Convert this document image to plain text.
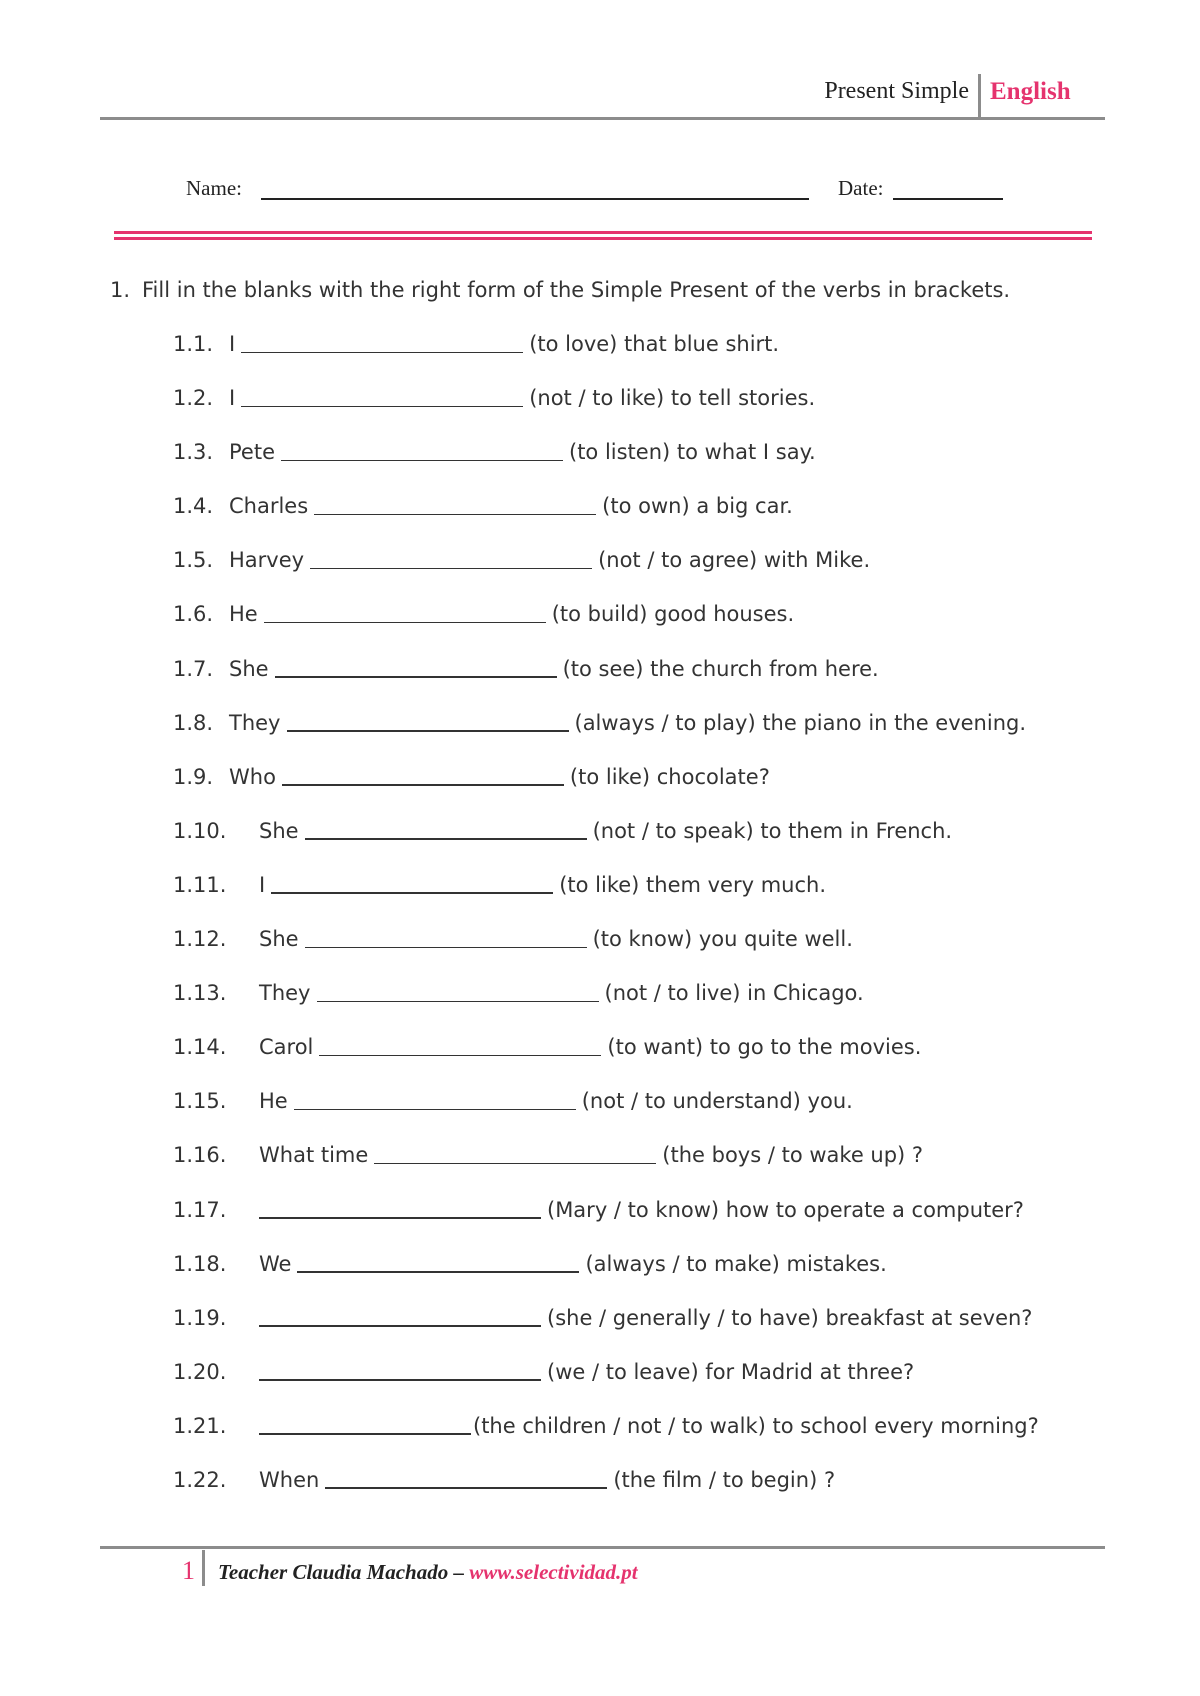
Present Simple English
Name:	Date:
1. Fill in the blanks with the right form of the Simple Present of the verbs in brackets.
1.1. I	(to love) that blue shirt.
1.2. I	(not / to like) to tell stories.
1.3. Pete	(to listen) to what I say.
1.4. Charles	(to own) a big car.
1.5. Harvey	(not / to agree) with Mike.
1.6. He	(to build) good houses.
1.7. She	(to see) the church from here.
1.8. They	(always / to play) the piano in the evening.
1.9. Who	(to like) chocolate?
1.10. She	(not / to speak) to them in French.
1.11. I	(to like) them very much.
1.12. She	(to know) you quite well.
1.13. They	(not / to live) in Chicago.
1.14. Carol	(to want) to go to the movies.
1.15. He	(not / to understand) you.
1.16. What time	(the boys / to wake up) ?
1.17.	(Mary / to know) how to operate a computer?
1.18. We	(always / to make) mistakes.
1.19.	(she / generally / to have) breakfast at seven?
1.20.	(we / to leave) for Madrid at three?
1.21.	(the children / not / to walk) to school every morning?
1.22. When	(the film / to begin) ?
1 Teacher Claudia Machado – www.selectividad.pt
